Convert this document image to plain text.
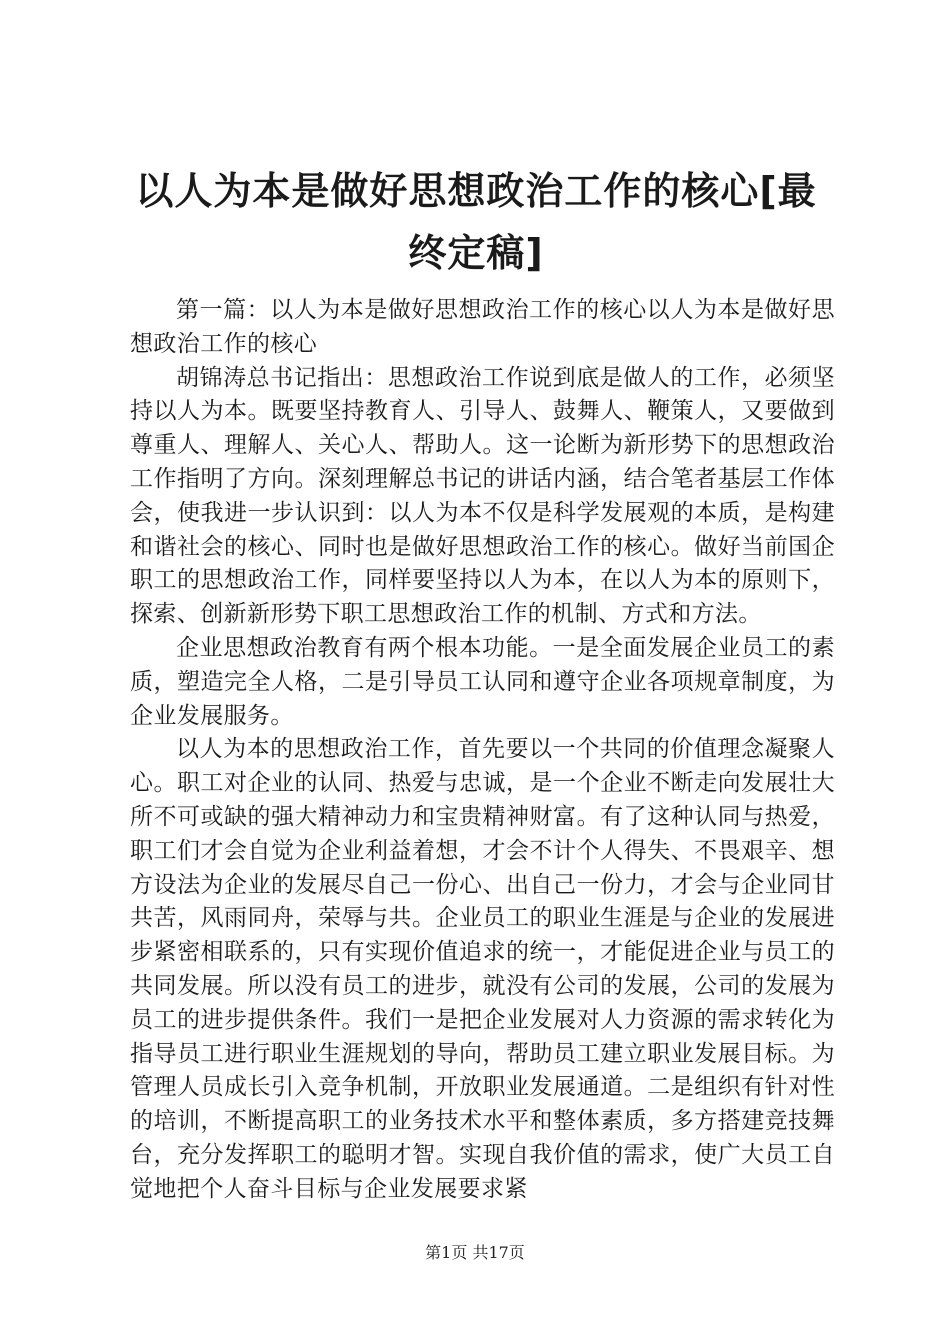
以人为本是做好思想政治工作的核心[最终定稿]

第一篇：以人为本是做好思想政治工作的核心以人为本是做好思想政治工作的核心

胡锦涛总书记指出：思想政治工作说到底是做人的工作，必须坚持以人为本。既要坚持教育人、引导人、鼓舞人、鞭策人，又要做到尊重人、理解人、关心人、帮助人。这一论断为新形势下的思想政治工作指明了方向。深刻理解总书记的讲话内涵，结合笔者基层工作体会，使我进一步认识到：以人为本不仅是科学发展观的本质，是构建和谐社会的核心、同时也是做好思想政治工作的核心。做好当前国企职工的思想政治工作，同样要坚持以人为本，在以人为本的原则下，探索、创新新形势下职工思想政治工作的机制、方式和方法。

企业思想政治教育有两个根本功能。一是全面发展企业员工的素质，塑造完全人格，二是引导员工认同和遵守企业各项规章制度，为企业发展服务。

以人为本的思想政治工作，首先要以一个共同的价值理念凝聚人心。职工对企业的认同、热爱与忠诚，是一个企业不断走向发展壮大所不可或缺的强大精神动力和宝贵精神财富。有了这种认同与热爱，职工们才会自觉为企业利益着想，才会不计个人得失、不畏艰辛、想方设法为企业的发展尽自己一份心、出自己一份力，才会与企业同甘共苦，风雨同舟，荣辱与共。企业员工的职业生涯是与企业的发展进步紧密相联系的，只有实现价值追求的统一，才能促进企业与员工的共同发展。所以没有员工的进步，就没有公司的发展，公司的发展为员工的进步提供条件。我们一是把企业发展对人力资源的需求转化为指导员工进行职业生涯规划的导向，帮助员工建立职业发展目标。为管理人员成长引入竞争机制，开放职业发展通道。二是组织有针对性的培训，不断提高职工的业务技术水平和整体素质，多方搭建竞技舞台，充分发挥职工的聪明才智。实现自我价值的需求，使广大员工自觉地把个人奋斗目标与企业发展要求紧

第1页 共17页
